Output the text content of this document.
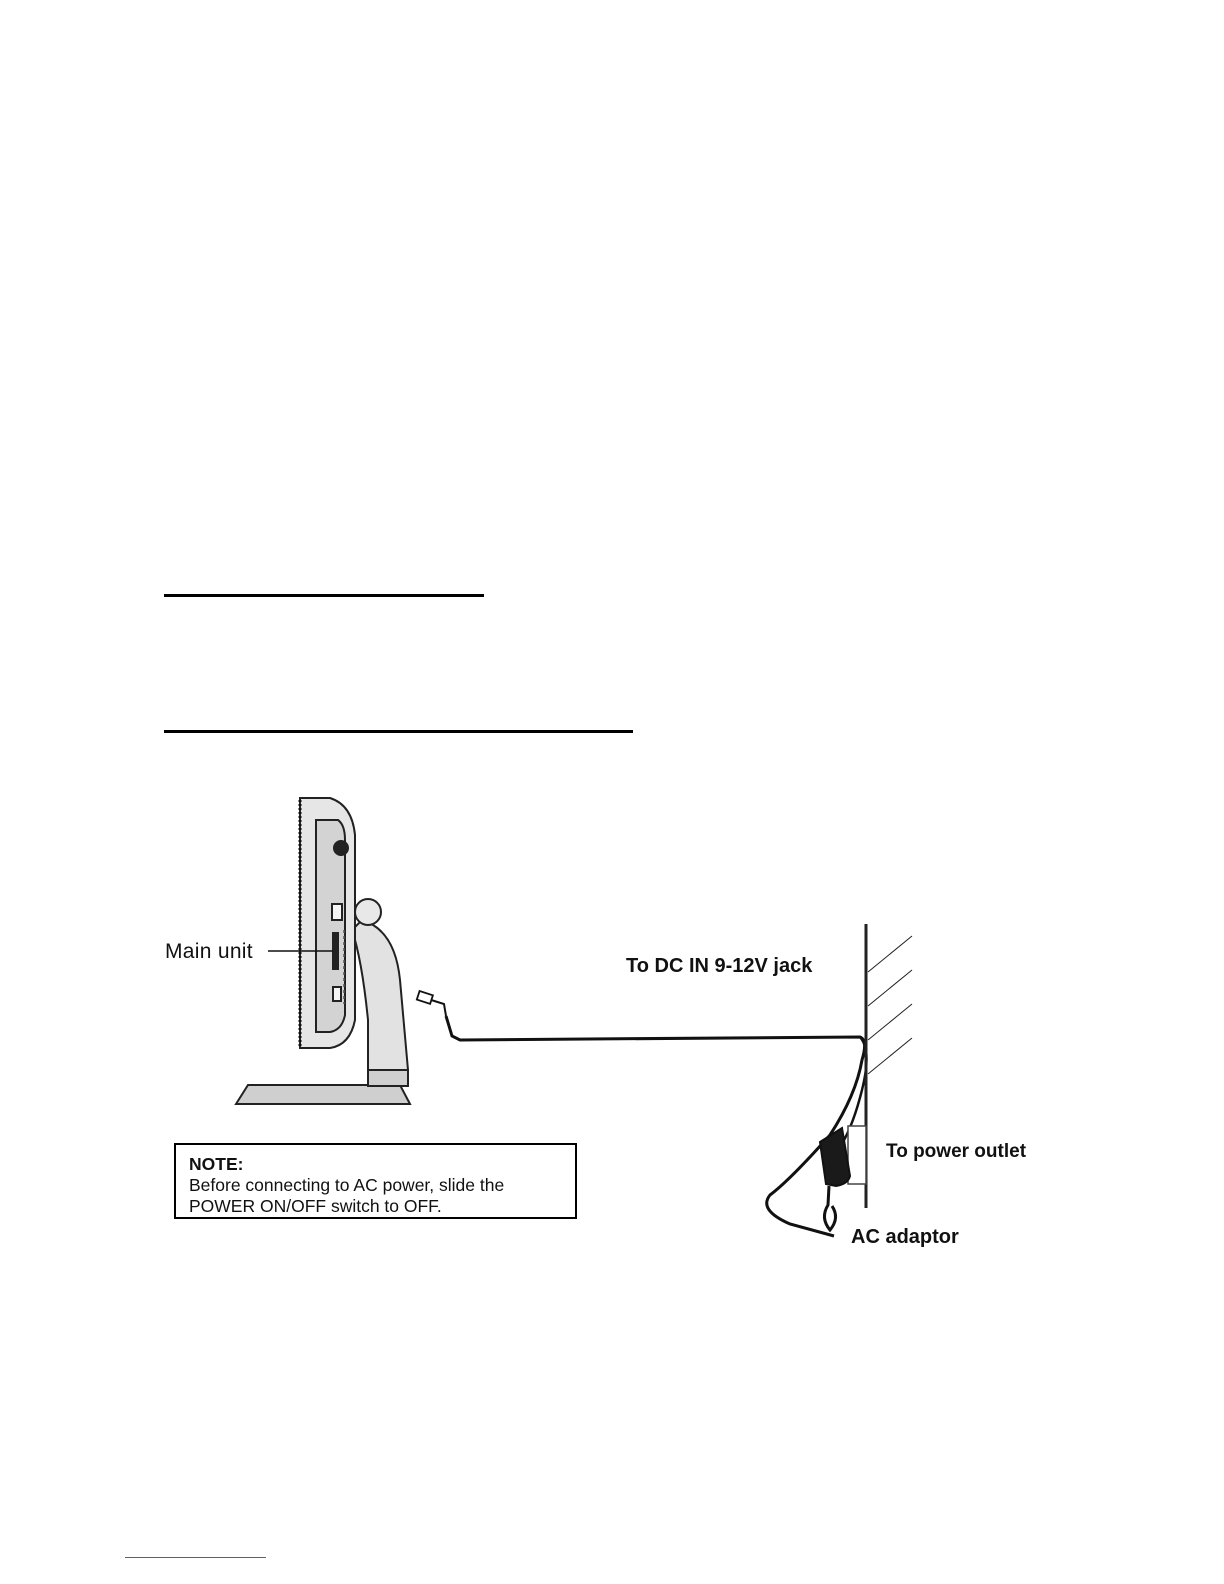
Main unit
To DC IN 9-12V jack
To power outlet
AC adaptor
NOTE:
Before connecting to AC power, slide the
POWER ON/OFF switch to OFF.
